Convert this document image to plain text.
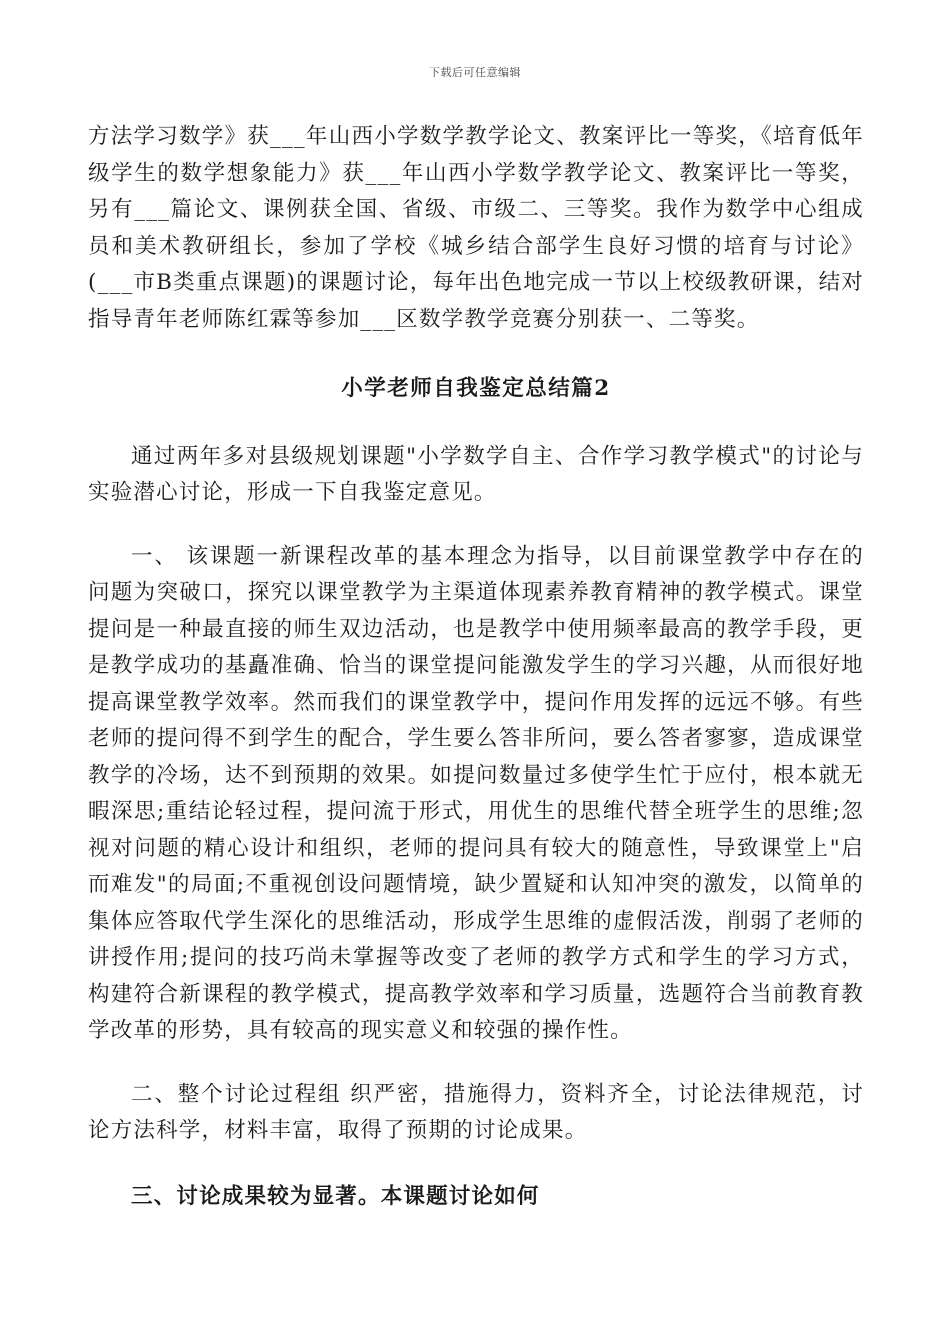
下载后可任意编辑

方法学习数学》获___年山西小学数学教学论文、教案评比一等奖，《培育低年级学生的数学想象能力》获___年山西小学数学教学论文、教案评比一等奖，另有___篇论文、课例获全国、省级、市级二、三等奖。我作为数学中心组成员和美术教研组长，参加了学校《城乡结合部学生良好习惯的培育与讨论》(___市B类重点课题)的课题讨论，每年出色地完成一节以上校级教研课，结对指导青年老师陈红霖等参加___区数学教学竞赛分别获一、二等奖。

小学老师自我鉴定总结篇2

通过两年多对县级规划课题"小学数学自主、合作学习教学模式"的讨论与实验潜心讨论，形成一下自我鉴定意见。

一、 该课题一新课程改革的基本理念为指导，以目前课堂教学中存在的问题为突破口，探究以课堂教学为主渠道体现素养教育精神的教学模式。课堂提问是一种最直接的师生双边活动，也是教学中使用频率最高的教学手段，更是教学成功的基矗准确、恰当的课堂提问能激发学生的学习兴趣，从而很好地提高课堂教学效率。然而我们的课堂教学中，提问作用发挥的远远不够。有些老师的提问得不到学生的配合，学生要么答非所问，要么答者寥寥，造成课堂教学的冷场，达不到预期的效果。如提问数量过多使学生忙于应付，根本就无暇深思;重结论轻过程，提问流于形式，用优生的思维代替全班学生的思维;忽视对问题的精心设计和组织，老师的提问具有较大的随意性，导致课堂上"启而难发"的局面;不重视创设问题情境，缺少置疑和认知冲突的激发，以简单的集体应答取代学生深化的思维活动，形成学生思维的虚假活泼，削弱了老师的讲授作用;提问的技巧尚未掌握等改变了老师的教学方式和学生的学习方式，构建符合新课程的教学模式，提高教学效率和学习质量，选题符合当前教育教学改革的形势，具有较高的现实意义和较强的操作性。

二、整个讨论过程组 织严密，措施得力，资料齐全，讨论法律规范，讨论方法科学，材料丰富，取得了预期的讨论成果。

三、讨论成果较为显著。本课题讨论如何
